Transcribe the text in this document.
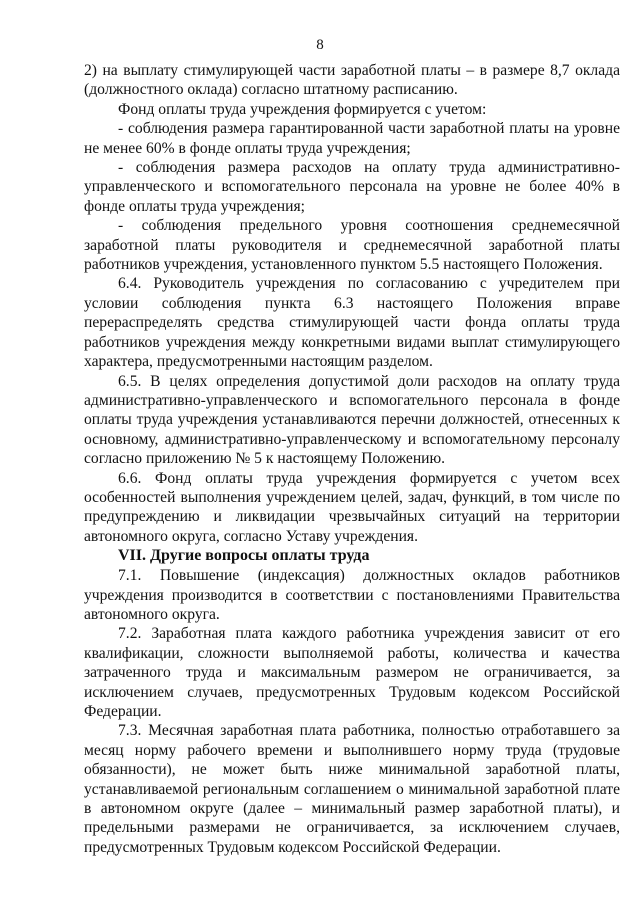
8

2) на выплату стимулирующей части заработной платы – в размере 8,7 оклада (должностного оклада) согласно штатному расписанию.

Фонд оплаты труда учреждения формируется с учетом:

- соблюдения размера гарантированной части заработной платы на уровне не менее 60% в фонде оплаты труда учреждения;

- соблюдения размера расходов на оплату труда административно-управленческого и вспомогательного персонала на уровне не более 40% в фонде оплаты труда учреждения;

- соблюдения предельного уровня соотношения среднемесячной заработной платы руководителя и среднемесячной заработной платы работников учреждения, установленного пунктом 5.5 настоящего Положения.

6.4. Руководитель учреждения по согласованию с учредителем при условии соблюдения пункта 6.3 настоящего Положения вправе перераспределять средства стимулирующей части фонда оплаты труда работников учреждения между конкретными видами выплат стимулирующего характера, предусмотренными настоящим разделом.

6.5. В целях определения допустимой доли расходов на оплату труда административно-управленческого и вспомогательного персонала в фонде оплаты труда учреждения устанавливаются перечни должностей, отнесенных к основному, административно-управленческому и вспомогательному персоналу согласно приложению № 5 к настоящему Положению.

6.6. Фонд оплаты труда учреждения формируется с учетом всех особенностей выполнения учреждением целей, задач, функций, в том числе по предупреждению и ликвидации чрезвычайных ситуаций на территории автономного округа, согласно Уставу учреждения.

VII. Другие вопросы оплаты труда

7.1. Повышение (индексация) должностных окладов работников учреждения производится в соответствии с постановлениями Правительства автономного округа.

7.2. Заработная плата каждого работника учреждения зависит от его квалификации, сложности выполняемой работы, количества и качества затраченного труда и максимальным размером не ограничивается, за исключением случаев, предусмотренных Трудовым кодексом Российской Федерации.

7.3. Месячная заработная плата работника, полностью отработавшего за месяц норму рабочего времени и выполнившего норму труда (трудовые обязанности), не может быть ниже минимальной заработной платы, устанавливаемой региональным соглашением о минимальной заработной плате в автономном округе (далее – минимальный размер заработной платы), и предельными размерами не ограничивается, за исключением случаев, предусмотренных Трудовым кодексом Российской Федерации.
